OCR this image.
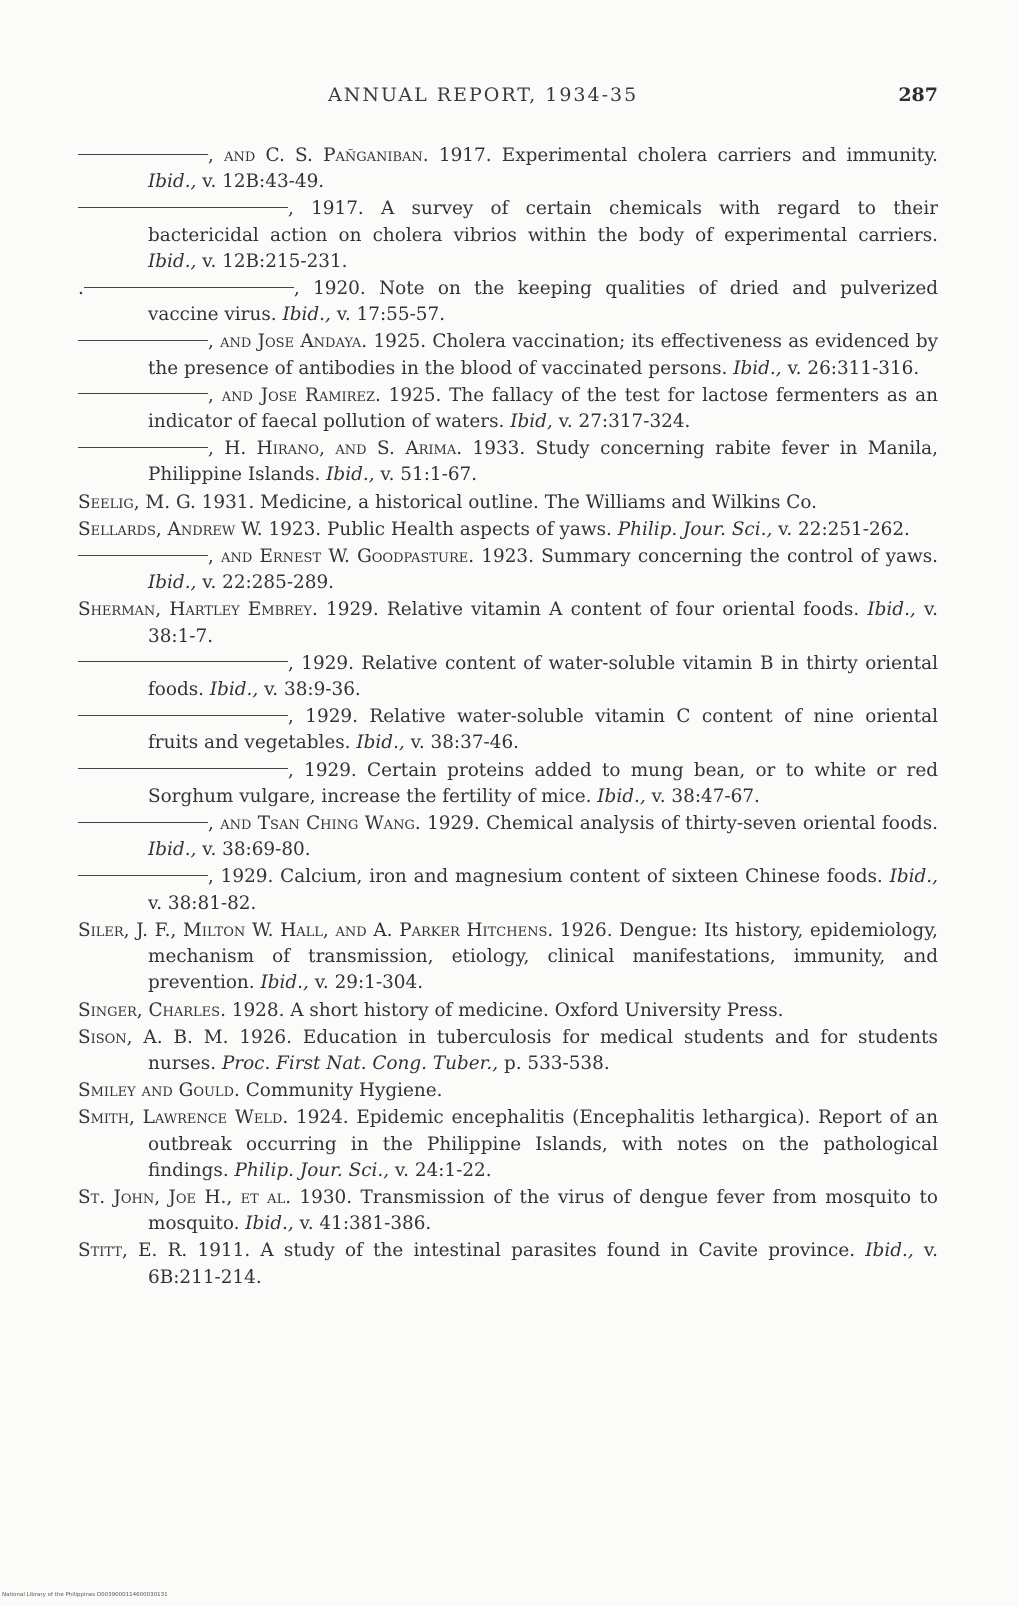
ANNUAL REPORT, 1934-35	287

, and C. S. Pañganiban. 1917. Experimental cholera carriers and immunity. Ibid., v. 12B:43-49.

, 1917. A survey of certain chemicals with regard to their bactericidal action on cholera vibrios within the body of experimental carriers. Ibid., v. 12B:215-231.

.	, 1920. Note on the keeping qualities of dried and pulverized vaccine virus. Ibid., v. 17:55-57.

, and Jose Andaya. 1925. Cholera vaccination; its effectiveness as evidenced by the presence of antibodies in the blood of vaccinated persons. Ibid., v. 26:311-316.

, and Jose Ramirez. 1925. The fallacy of the test for lactose fermenters as an indicator of faecal pollution of waters. Ibid, v. 27:317-324.

, H. Hirano, and S. Arima. 1933. Study concerning rabite fever in Manila, Philippine Islands. Ibid., v. 51:1-67.

Seelig, M. G. 1931. Medicine, a historical outline. The Williams and Wilkins Co.

Sellards, Andrew W. 1923. Public Health aspects of yaws. Philip. Jour. Sci., v. 22:251-262.

, and Ernest W. Goodpasture. 1923. Summary concerning the control of yaws. Ibid., v. 22:285-289.

Sherman, Hartley Embrey. 1929. Relative vitamin A content of four oriental foods. Ibid., v. 38:1-7.

, 1929. Relative content of water-soluble vitamin B in thirty oriental foods. Ibid., v. 38:9-36.

, 1929. Relative water-soluble vitamin C content of nine oriental fruits and vegetables. Ibid., v. 38:37-46.

, 1929. Certain proteins added to mung bean, or to white or red Sorghum vulgare, increase the fertility of mice. Ibid., v. 38:47-67.

, and Tsan Ching Wang. 1929. Chemical analysis of thirty-seven oriental foods. Ibid., v. 38:69-80.

, 1929. Calcium, iron and magnesium content of sixteen Chinese foods. Ibid., v. 38:81-82.

Siler, J. F., Milton W. Hall, and A. Parker Hitchens. 1926. Dengue: Its history, epidemiology, mechanism of transmission, etiology, clinical manifestations, immunity, and prevention. Ibid., v. 29:1-304.

Singer, Charles. 1928. A short history of medicine. Oxford University Press.

Sison, A. B. M. 1926. Education in tuberculosis for medical students and for students nurses. Proc. First Nat. Cong. Tuber., p. 533-538.

Smiley and Gould. Community Hygiene.

Smith, Lawrence Weld. 1924. Epidemic encephalitis (Encephalitis lethargica). Report of an outbreak occurring in the Philippine Islands, with notes on the pathological findings. Philip. Jour. Sci., v. 24:1-22.

St. John, Joe H., et al. 1930. Transmission of the virus of dengue fever from mosquito to mosquito. Ibid., v. 41:381-386.

Stitt, E. R. 1911. A study of the intestinal parasites found in Cavite province. Ibid., v. 6B:211-214.

National Library of the Philippines D0039000114600030131
